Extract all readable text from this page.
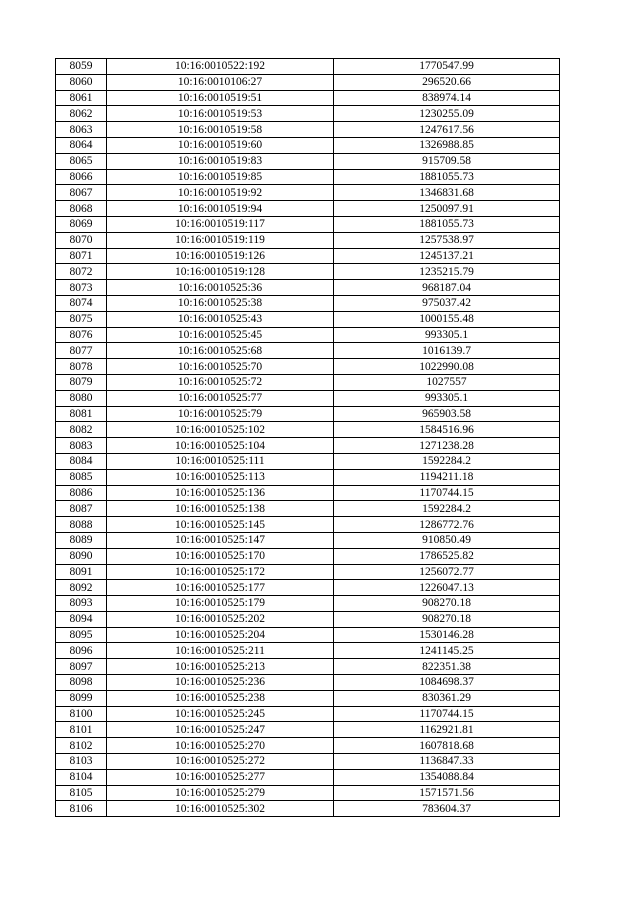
8059	10:16:0010522:192	1770547.99
8060	10:16:0010106:27	296520.66
8061	10:16:0010519:51	838974.14
8062	10:16:0010519:53	1230255.09
8063	10:16:0010519:58	1247617.56
8064	10:16:0010519:60	1326988.85
8065	10:16:0010519:83	915709.58
8066	10:16:0010519:85	1881055.73
8067	10:16:0010519:92	1346831.68
8068	10:16:0010519:94	1250097.91
8069	10:16:0010519:117	1881055.73
8070	10:16:0010519:119	1257538.97
8071	10:16:0010519:126	1245137.21
8072	10:16:0010519:128	1235215.79
8073	10:16:0010525:36	968187.04
8074	10:16:0010525:38	975037.42
8075	10:16:0010525:43	1000155.48
8076	10:16:0010525:45	993305.1
8077	10:16:0010525:68	1016139.7
8078	10:16:0010525:70	1022990.08
8079	10:16:0010525:72	1027557
8080	10:16:0010525:77	993305.1
8081	10:16:0010525:79	965903.58
8082	10:16:0010525:102	1584516.96
8083	10:16:0010525:104	1271238.28
8084	10:16:0010525:111	1592284.2
8085	10:16:0010525:113	1194211.18
8086	10:16:0010525:136	1170744.15
8087	10:16:0010525:138	1592284.2
8088	10:16:0010525:145	1286772.76
8089	10:16:0010525:147	910850.49
8090	10:16:0010525:170	1786525.82
8091	10:16:0010525:172	1256072.77
8092	10:16:0010525:177	1226047.13
8093	10:16:0010525:179	908270.18
8094	10:16:0010525:202	908270.18
8095	10:16:0010525:204	1530146.28
8096	10:16:0010525:211	1241145.25
8097	10:16:0010525:213	822351.38
8098	10:16:0010525:236	1084698.37
8099	10:16:0010525:238	830361.29
8100	10:16:0010525:245	1170744.15
8101	10:16:0010525:247	1162921.81
8102	10:16:0010525:270	1607818.68
8103	10:16:0010525:272	1136847.33
8104	10:16:0010525:277	1354088.84
8105	10:16:0010525:279	1571571.56
8106	10:16:0010525:302	783604.37
